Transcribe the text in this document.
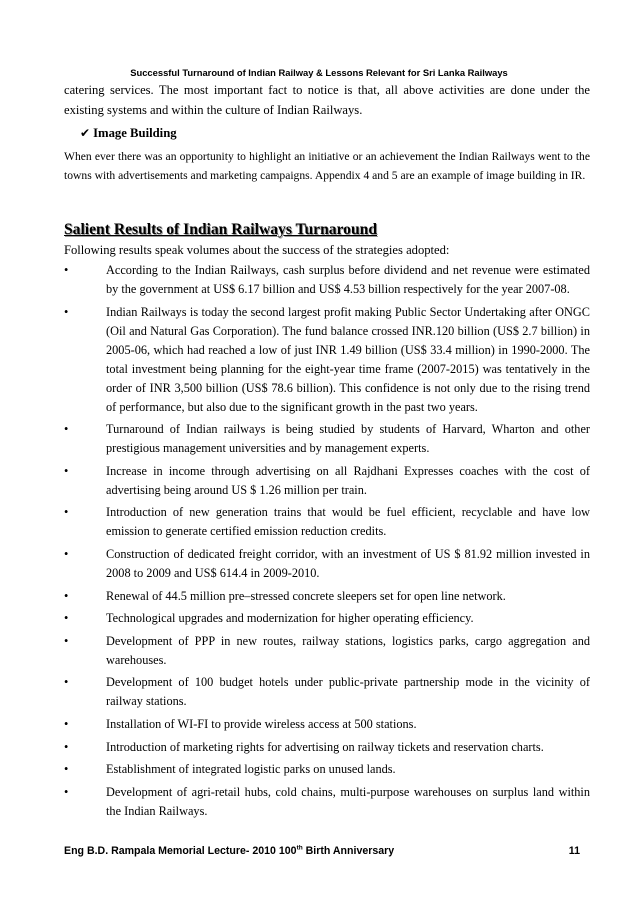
Successful Turnaround of Indian Railway & Lessons Relevant for Sri Lanka Railways
catering services. The most important fact to notice is that, all above activities are done under the existing systems and within the culture of Indian Railways.
✔ Image Building
When ever there was an opportunity to highlight an initiative or an achievement the Indian Railways went to the towns with advertisements and marketing campaigns. Appendix 4 and 5 are an example of image building in IR.
Salient Results of Indian Railways Turnaround
Following results speak volumes about the success of the strategies adopted:
•	According to the Indian Railways, cash surplus before dividend and net revenue were estimated by the government at US$ 6.17 billion and US$ 4.53 billion respectively for the year 2007-08.
•	Indian Railways is today the second largest profit making Public Sector Undertaking after ONGC (Oil and Natural Gas Corporation). The fund balance crossed INR.120 billion (US$ 2.7 billion) in 2005-06, which had reached a low of just INR 1.49 billion (US$ 33.4 million) in 1990-2000. The total investment being planning for the eight-year time frame (2007-2015) was tentatively in the order of INR 3,500 billion (US$ 78.6 billion). This confidence is not only due to the rising trend of performance, but also due to the significant growth in the past two years.
•	Turnaround of Indian railways is being studied by students of Harvard, Wharton and other prestigious management universities and by management experts.
•	Increase in income through advertising on all Rajdhani Expresses coaches with the cost of advertising being around US $ 1.26 million per train.
•	Introduction of new generation trains that would be fuel efficient, recyclable and have low emission to generate certified emission reduction credits.
•	Construction of dedicated freight corridor, with an investment of US $ 81.92 million invested in 2008 to 2009 and US$ 614.4 in 2009-2010.
•	Renewal of 44.5 million pre–stressed concrete sleepers set for open line network.
•	Technological upgrades and modernization for higher operating efficiency.
•	Development of PPP in new routes, railway stations, logistics parks, cargo aggregation and warehouses.
•	Development of 100 budget hotels under public-private partnership mode in the vicinity of railway stations.
•	Installation of WI-FI to provide wireless access at 500 stations.
•	Introduction of marketing rights for advertising on railway tickets and reservation charts.
•	Establishment of integrated logistic parks on unused lands.
•	Development of agri-retail hubs, cold chains, multi-purpose warehouses on surplus land within the Indian Railways.
Eng B.D. Rampala Memorial Lecture- 2010 100th Birth Anniversary	11
